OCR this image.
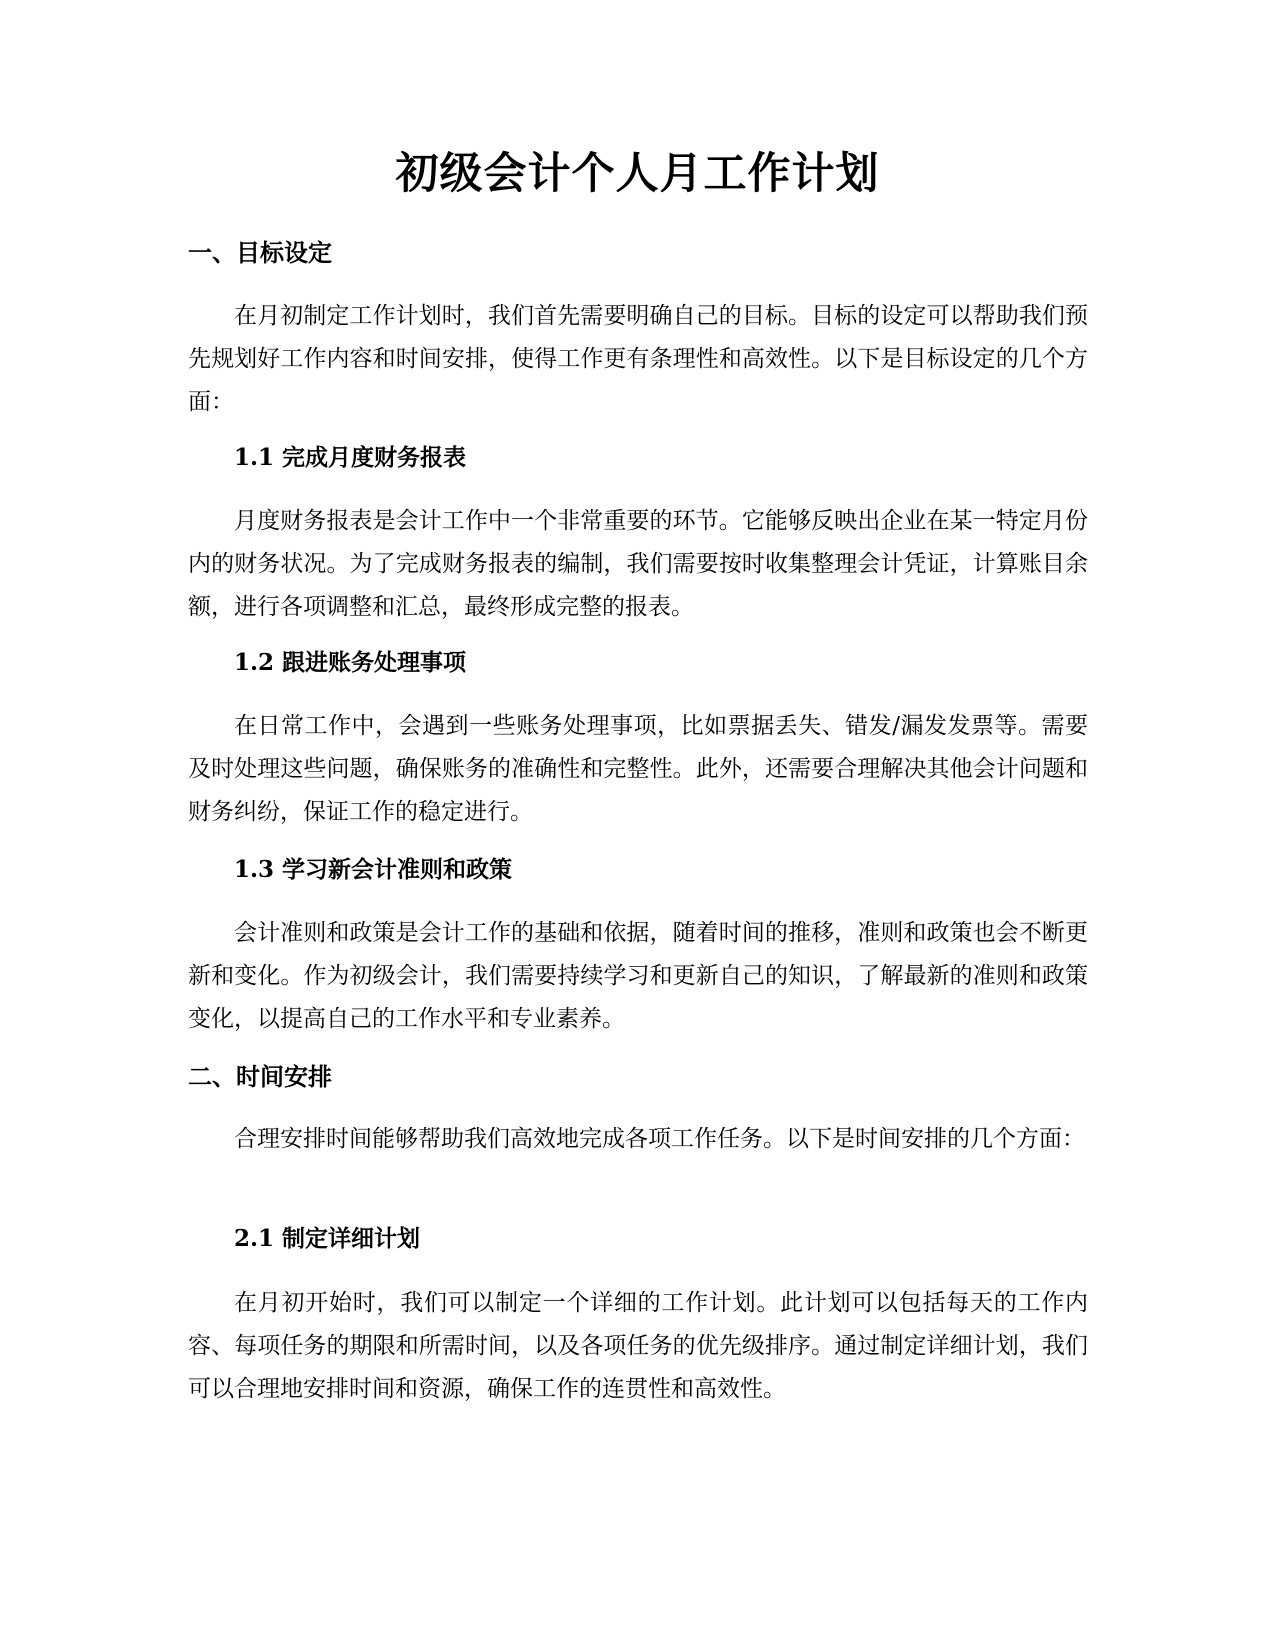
初级会计个人月工作计划
一、目标设定

在月初制定工作计划时，我们首先需要明确自己的目标。目标的设定可以帮助我们预先规划好工作内容和时间安排，使得工作更有条理性和高效性。以下是目标设定的几个方面：

1.1 完成月度财务报表

月度财务报表是会计工作中一个非常重要的环节。它能够反映出企业在某一特定月份内的财务状况。为了完成财务报表的编制，我们需要按时收集整理会计凭证，计算账目余额，进行各项调整和汇总，最终形成完整的报表。

1.2 跟进账务处理事项

在日常工作中，会遇到一些账务处理事项，比如票据丢失、错发/漏发发票等。需要及时处理这些问题，确保账务的准确性和完整性。此外，还需要合理解决其他会计问题和财务纠纷，保证工作的稳定进行。

1.3 学习新会计准则和政策

会计准则和政策是会计工作的基础和依据，随着时间的推移，准则和政策也会不断更新和变化。作为初级会计，我们需要持续学习和更新自己的知识，了解最新的准则和政策变化，以提高自己的工作水平和专业素养。

二、时间安排

合理安排时间能够帮助我们高效地完成各项工作任务。以下是时间安排的几个方面：

2.1 制定详细计划

在月初开始时，我们可以制定一个详细的工作计划。此计划可以包括每天的工作内容、每项任务的期限和所需时间，以及各项任务的优先级排序。通过制定详细计划，我们可以合理地安排时间和资源，确保工作的连贯性和高效性。
